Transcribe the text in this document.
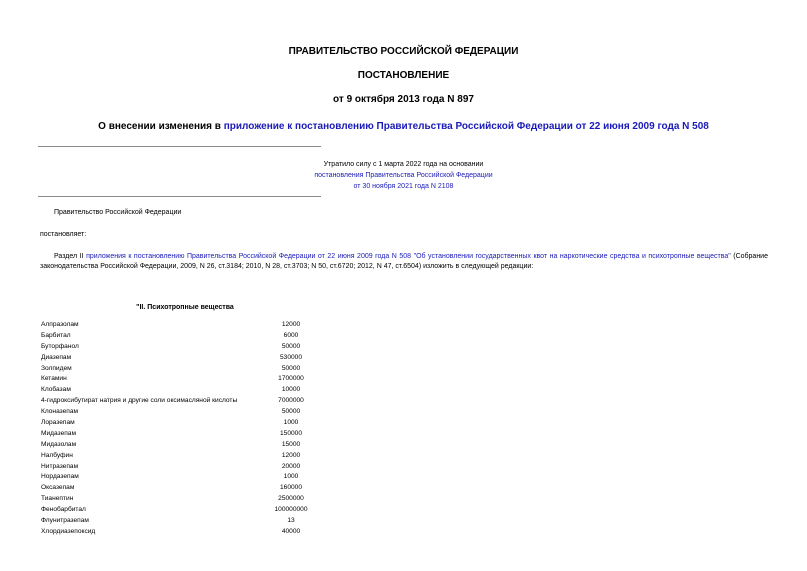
ПРАВИТЕЛЬСТВО РОССИЙСКОЙ ФЕДЕРАЦИИ
ПОСТАНОВЛЕНИЕ
от 9 октября 2013 года N 897
О внесении изменения в приложение к постановлению Правительства Российской Федерации от 22 июня 2009 года N 508
Утратило силу с 1 марта 2022 года на основании
постановления Правительства Российской Федерации
от 30 ноября 2021 года N 2108
Правительство Российской Федерации
постановляет:
Раздел II приложения к постановлению Правительства Российской Федерации от 22 июня 2009 года N 508 "Об установлении государственных квот на наркотические средства и психотропные вещества" (Собрание законодательства Российской Федерации, 2009, N 26, ст.3184; 2010, N 28, ст.3703; N 50, ст.6720; 2012, N 47, ст.6504) изложить в следующей редакции:
"II. Психотропные вещества
Алпразолам	12000
Барбитал	6000
Буторфанол	50000
Диазепам	530000
Золпидем	50000
Кетамин	1700000
Клобазам	10000
4-гидроксибутират натрия и другие соли оксимасляной кислоты	7000000
Клоназепам	50000
Лоразепам	1000
Мидазепам	150000
Мидазолам	15000
Налбуфин	12000
Нитразепам	20000
Нордазепам	1000
Оксазепам	160000
Тианептин	2500000
Фенобарбитал	100000000
Флунитразепам	13
Хлордиазепоксид	40000
